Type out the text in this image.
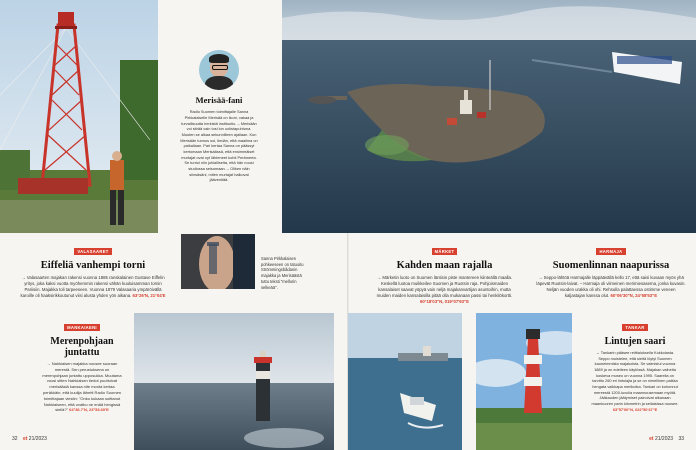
Merisää-fani
Radio Suomen toimittajalle Sanna Pirkkalaiselle Merisää on ikoni, vakaa ja turvallisuutta herkistä instituutio. – Merisään voi siträä vain tosi lon uolistapuhtuna. Muuten se alkaa sekunnilleen ajallaan. Kun Merisään tunnus soi, tiedän, että maailma on paikallaan. Pari kertaa Sanna on päässyt kertomaan Merisäässä, että ensimmäiset murtajat ovat nyt lähteneet kohti Perämerta. Se tuntui niin juhlalliselta, että hän nousi studiossa seisomaan. – Oliken näin siinsäsäni, miten murtajat halkovat jäävenitää.
VALASAARET
Eiffeliä vanhempi torni
→ Valasaarten majakan rakensi vuonna 1885 ranskalainen Gustave Eiffelin yritys, joka kaksi vuotta myöhemmin rakensi vähän kuuluisamman tornin Pariisiin. Majakka toli tarpeeseen. Vuonna 1879 Valasaaria ympäröivällä karoille oli haaksirikkoutunut viisi alusta yhden yön aikana. 63°26'N, 21°04'E
Sanna Pirkkalaisen pohkeeseen on tatuoitu Strömmingsbådanin majakka ja Merisäästä tuttu teksti "mellorin selkeää".
MANKAIAENI
Merenpohjaan juntattu
→ Nahkiaisen majakka nousee suoraan merestä. Sen perustuksena on merenpohjaan juntattu upposukka. Muutama vuosi sitten Nahkiaisen tiedot puuttuivat merisääsiä kanssa nite monta kertaa peräkkäin, että kuulija lähetti Radio Suomen toimittajaan viestin: "Onko kukaan soittanut Nahkiaiseen, että ovatko ne enää hengissä siellä?" 64°36.7'N, 23°53.60'E
32 et 21/2023
MÄRKET
Kahden maan rajalla
→ Märketin luoto on Suomen läntisin piste mantereen kiinteällä maalla. Keskellä luotoa muikkeilee Suomen ja Ruotsin raja. Pohjoismaiden kansalaiset saavat yöpyä vain neljä majakanvartijan asuntoihin, mutta muiden maiden kansalaisilla pitää olla mukanaan passi tai henkilökortti. 60°18'03"N, 019°07'93"E
HARMAJA
Suomenlinnan naapurissa
→ Seppo-lähtöä Harmajalle läppäävällä kello 17, että saisi kuvaan myös yhä läpevät Ruotsin-laivat. – Harmaja oli viimeinen merimiesasema, jonka kuvasin. Neljän vuoden urakka oli ohi. Rehsulla palattaessa ostimme veneen kaljastajan kanssa olut. 60°06'30"N, 24°58'53"E
TANKAR
Lintujen saari
→ Tankarin pääsee reittialuksella Kokkolasta. Seppo muistelee, että sieltä löytyi Suomen kauneimmista majakoista. Se valmistui vuonna 1889 ja on edelleen käytössä. Majakan vaiheita koskeva museo on vuonna 1995. Saarella on tarvittu 260 eri lintulajia ja se on nimellinen paikka hengata vaikkapa merikotka. Tankari on kohonnut mereestä 1200-luvulla maannousemaan myötä. Jääkauden jäätymiset painoivat aikanaan maankuoren parin kilometrin ja sellaisissa nousee. 63°57'00"N, 022°50'47"E
et 21/2023 33
